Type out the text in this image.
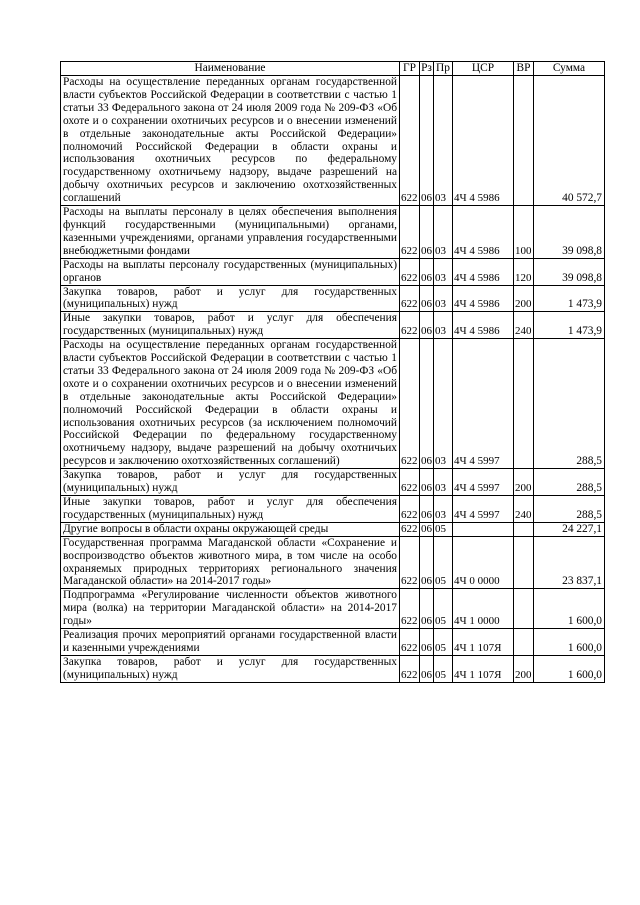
Наименование	ГР	Рз	Пр	ЦСР	ВР	Сумма
Расходы на осуществление переданных органам государственной власти субъектов Российской Федерации в соответствии с частью 1 статьи 33 Федерального закона от 24 июля 2009 года № 209-ФЗ «Об охоте и о сохранении охотничьих ресурсов и о внесении изменений в отдельные законодательные акты Российской Федерации» полномочий Российской Федерации в области охраны и использования охотничьих ресурсов по федеральному государственному охотничьему надзору, выдаче разрешений на добычу охотничьих ресурсов и заключению охотхозяйственных соглашений	622	06	03	4Ч 4 5986		40 572,7
Расходы на выплаты персоналу в целях обеспечения выполнения функций государственными (муниципальными) органами, казенными учреждениями, органами управления государственными внебюджетными фондами	622	06	03	4Ч 4 5986	100	39 098,8
Расходы на выплаты персоналу государственных (муниципальных) органов	622	06	03	4Ч 4 5986	120	39 098,8
Закупка товаров, работ и услуг для государственных (муниципальных) нужд	622	06	03	4Ч 4 5986	200	1 473,9
Иные закупки товаров, работ и услуг для обеспечения государственных (муниципальных) нужд	622	06	03	4Ч 4 5986	240	1 473,9
Расходы на осуществление переданных органам государственной власти субъектов Российской Федерации в соответствии с частью 1 статьи 33 Федерального закона от 24 июля 2009 года № 209-ФЗ «Об охоте и о сохранении охотничьих ресурсов и о внесении изменений в отдельные законодательные акты Российской Федерации» полномочий Российской Федерации в области охраны и использования охотничьих ресурсов (за исключением полномочий Российской Федерации по федеральному государственному охотничьему надзору, выдаче разрешений на добычу охотничьих ресурсов и заключению охотхозяйственных соглашений)	622	06	03	4Ч 4 5997		288,5
Закупка товаров, работ и услуг для государственных (муниципальных) нужд	622	06	03	4Ч 4 5997	200	288,5
Иные закупки товаров, работ и услуг для обеспечения государственных (муниципальных) нужд	622	06	03	4Ч 4 5997	240	288,5
Другие вопросы в области охраны окружающей среды	622	06	05			24 227,1
Государственная программа Магаданской области «Сохранение и воспроизводство объектов животного мира, в том числе на особо охраняемых природных территориях регионального значения Магаданской области» на 2014-2017 годы»	622	06	05	4Ч 0 0000		23 837,1
Подпрограмма «Регулирование численности объектов животного мира (волка) на территории Магаданской области» на 2014-2017 годы»	622	06	05	4Ч 1 0000		1 600,0
Реализация прочих мероприятий органами государственной власти и казенными учреждениями	622	06	05	4Ч 1 107Я		1 600,0
Закупка товаров, работ и услуг для государственных (муниципальных) нужд	622	06	05	4Ч 1 107Я	200	1 600,0
